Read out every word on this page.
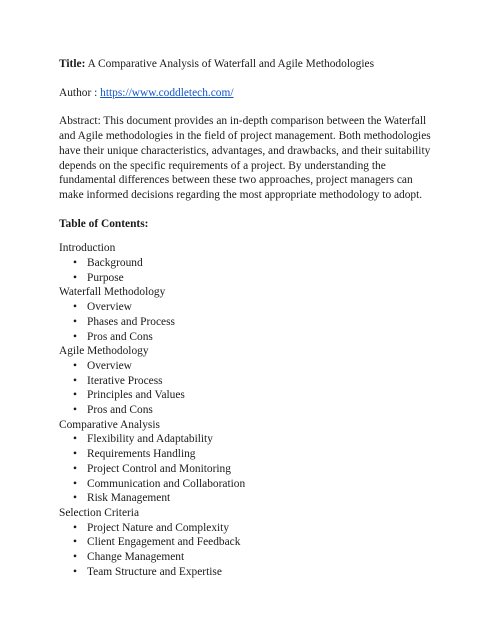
Title: A Comparative Analysis of Waterfall and Agile Methodologies

Author : https://www.coddletech.com/

Abstract: This document provides an in-depth comparison between the Waterfall and Agile methodologies in the field of project management. Both methodologies have their unique characteristics, advantages, and drawbacks, and their suitability depends on the specific requirements of a project. By understanding the fundamental differences between these two approaches, project managers can make informed decisions regarding the most appropriate methodology to adopt.

Table of Contents:

Introduction
• Background
• Purpose
Waterfall Methodology
• Overview
• Phases and Process
• Pros and Cons
Agile Methodology
• Overview
• Iterative Process
• Principles and Values
• Pros and Cons
Comparative Analysis
• Flexibility and Adaptability
• Requirements Handling
• Project Control and Monitoring
• Communication and Collaboration
• Risk Management
Selection Criteria
• Project Nature and Complexity
• Client Engagement and Feedback
• Change Management
• Team Structure and Expertise
